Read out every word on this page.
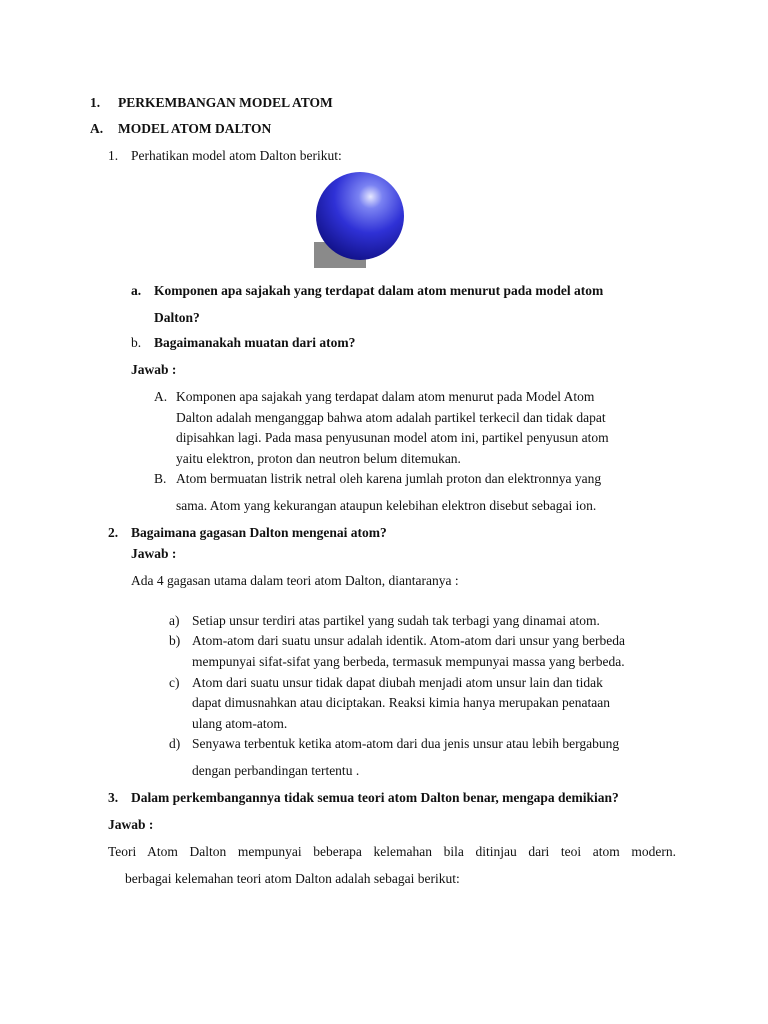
1. PERKEMBANGAN MODEL ATOM
A. MODEL ATOM DALTON
1. Perhatikan model atom Dalton berikut:
a. Komponen apa sajakah yang terdapat dalam atom menurut pada model atom
Dalton?
b. Bagaimanakah muatan dari atom?
Jawab :
A. Komponen apa sajakah yang terdapat dalam atom menurut pada Model Atom
Dalton adalah menganggap bahwa atom adalah partikel terkecil dan tidak dapat
dipisahkan lagi. Pada masa penyusunan model atom ini, partikel penyusun atom
yaitu elektron, proton dan neutron belum ditemukan.
B. Atom bermuatan listrik netral oleh karena jumlah proton dan elektronnya yang
sama. Atom yang kekurangan ataupun kelebihan elektron disebut sebagai ion.
2. Bagaimana gagasan Dalton mengenai atom?
Jawab :
Ada 4 gagasan utama dalam teori atom Dalton, diantaranya :
a) Setiap unsur terdiri atas partikel yang sudah tak terbagi yang dinamai atom.
b) Atom-atom dari suatu unsur adalah identik. Atom-atom dari unsur yang berbeda
mempunyai sifat-sifat yang berbeda, termasuk mempunyai massa yang berbeda.
c) Atom dari suatu unsur tidak dapat diubah menjadi atom unsur lain dan tidak
dapat dimusnahkan atau diciptakan. Reaksi kimia hanya merupakan penataan
ulang atom-atom.
d) Senyawa terbentuk ketika atom-atom dari dua jenis unsur atau lebih bergabung
dengan perbandingan tertentu .
3. Dalam perkembangannya tidak semua teori atom Dalton benar, mengapa demikian?
Jawab :
Teori Atom Dalton mempunyai beberapa kelemahan bila ditinjau dari teoi atom modern.
berbagai kelemahan teori atom Dalton adalah sebagai berikut:
